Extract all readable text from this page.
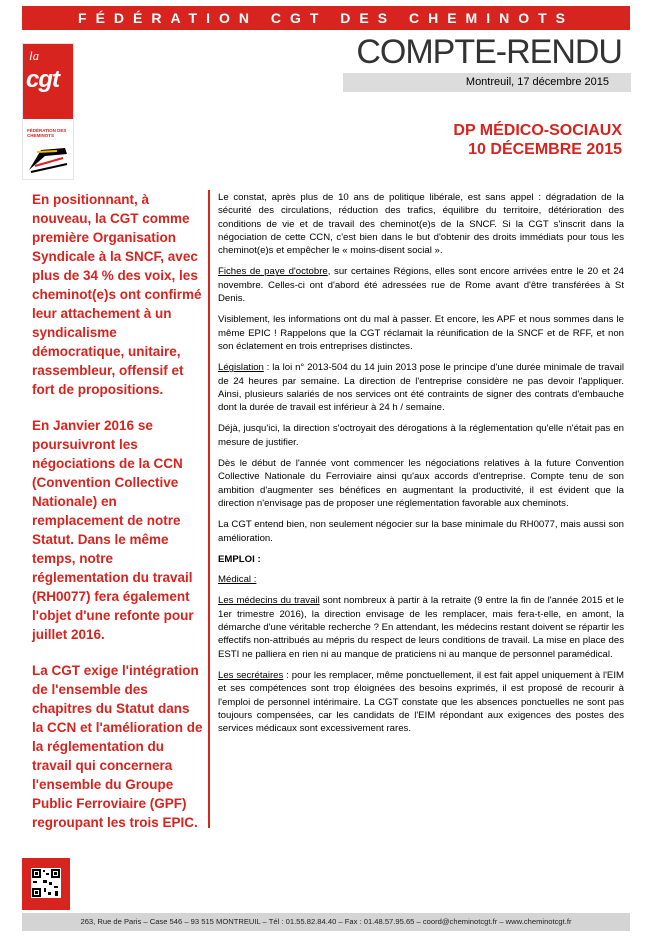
FÉDÉRATION CGT DES CHEMINOTS
la
cgt
FÉDÉRATION DES CHEMINOTS
COMPTE-RENDU
Montreuil, 17 décembre 2015
DP MÉDICO-SOCIAUX
10 DÉCEMBRE 2015

En positionnant, à nouveau, la CGT comme première Organisation Syndicale à la SNCF, avec plus de 34 % des voix, les cheminot(e)s ont confirmé leur attachement à un syndicalisme démocratique, unitaire, rassembleur, offensif et fort de propositions.

En Janvier 2016 se poursuivront les négociations de la CCN (Convention Collective Nationale) en remplacement de notre Statut. Dans le même temps, notre réglementation du travail (RH0077) fera également l'objet d'une refonte pour juillet 2016.

La CGT exige l'intégration de l'ensemble des chapitres du Statut dans la CCN et l'amélioration de la réglementation du travail qui concernera l'ensemble du Groupe Public Ferroviaire (GPF) regroupant les trois EPIC.

Le constat, après plus de 10 ans de politique libérale, est sans appel : dégradation de la sécurité des circulations, réduction des trafics, équilibre du territoire, détérioration des conditions de vie et de travail des cheminot(e)s de la SNCF. Si la CGT s'inscrit dans la négociation de cette CCN, c'est bien dans le but d'obtenir des droits immédiats pour tous les cheminot(e)s et empêcher le « moins-disent social ».

Fiches de paye d'octobre, sur certaines Régions, elles sont encore arrivées entre le 20 et 24 novembre. Celles-ci ont d'abord été adressées rue de Rome avant d'être transférées à St Denis.

Visiblement, les informations ont du mal à passer. Et encore, les APF et nous sommes dans le même EPIC ! Rappelons que la CGT réclamait la réunification de la SNCF et de RFF, et non son éclatement en trois entreprises distinctes.

Législation : la loi n° 2013-504 du 14 juin 2013 pose le principe d'une durée minimale de travail de 24 heures par semaine. La direction de l'entreprise considère ne pas devoir l'appliquer. Ainsi, plusieurs salariés de nos services ont été contraints de signer des contrats d'embauche dont la durée de travail est inférieur à 24 h / semaine.

Déjà, jusqu'ici, la direction s'octroyait des dérogations à la réglementation qu'elle n'était pas en mesure de justifier.

Dès le début de l'année vont commencer les négociations relatives à la future Convention Collective Nationale du Ferroviaire ainsi qu'aux accords d'entreprise. Compte tenu de son ambition d'augmenter ses bénéfices en augmentant la productivité, il est évident que la direction n'envisage pas de proposer une réglementation favorable aux cheminots.

La CGT entend bien, non seulement négocier sur la base minimale du RH0077, mais aussi son amélioration.

EMPLOI :

Médical :

Les médecins du travail sont nombreux à partir à la retraite (9 entre la fin de l'année 2015 et le 1er trimestre 2016), la direction envisage de les remplacer, mais fera-t-elle, en amont, la démarche d'une véritable recherche ? En attendant, les médecins restant doivent se répartir les effectifs non-attribués au mépris du respect de leurs conditions de travail. La mise en place des ESTI ne palliera en rien ni au manque de praticiens ni au manque de personnel paramédical.

Les secrétaires : pour les remplacer, même ponctuellement, il est fait appel uniquement à l'EIM et ses compétences sont trop éloignées des besoins exprimés, il est proposé de recourir à l'emploi de personnel intérimaire. La CGT constate que les absences ponctuelles ne sont pas toujours compensées, car les candidats de l'EIM répondant aux exigences des postes des services médicaux sont excessivement rares.

263, Rue de Paris – Case 546 – 93 515 MONTREUIL – Tél : 01.55.82.84.40 – Fax : 01.48.57.95.65 – coord@cheminotcgt.fr – www.cheminotcgt.fr
